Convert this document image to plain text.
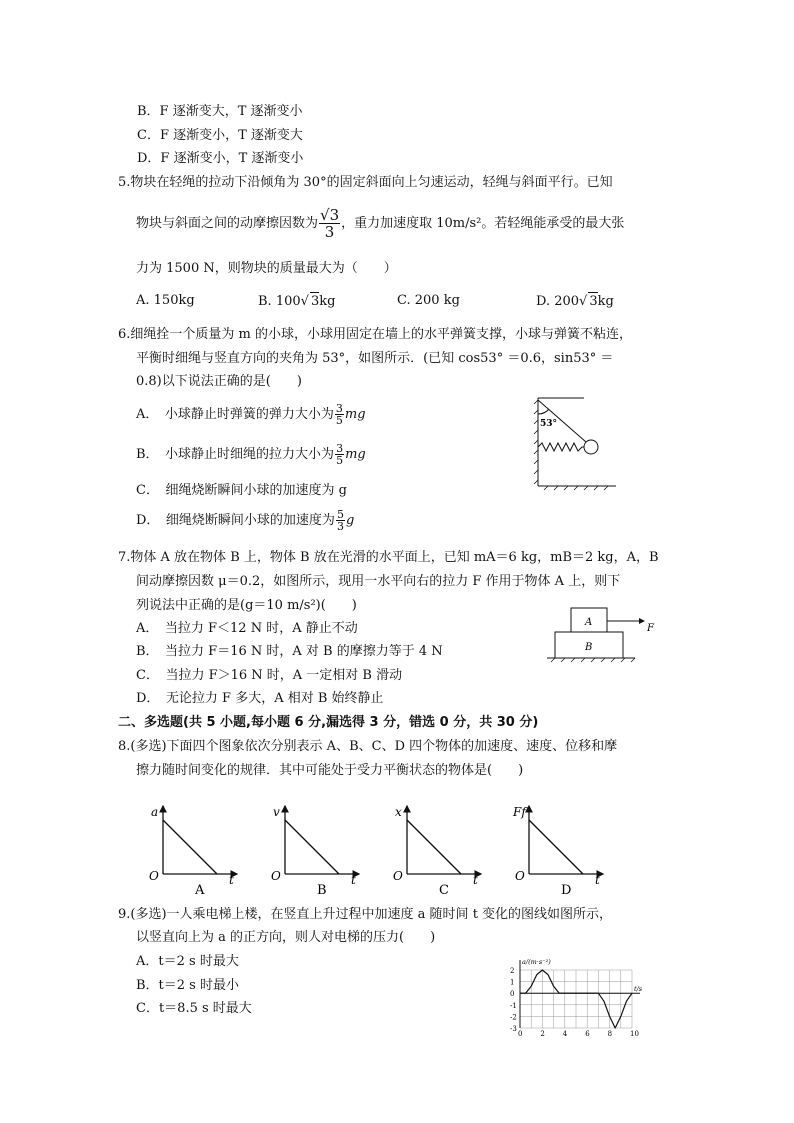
B．F 逐渐变大，T 逐渐变小
C．F 逐渐变小，T 逐渐变大
D．F 逐渐变小，T 逐渐变小
5.物块在轻绳的拉动下沿倾角为 30°的固定斜面向上匀速运动，轻绳与斜面平行。已知
物块与斜面之间的动摩擦因数为 $\frac{√3}{3}$ ，重力加速度取 10m/s²。若轻绳能承受的最大张
力为 1500 N，则物块的质量最大为（　　）
A. 150kg	B. 100√ 3kg	C. 200 kg	D. 200√ 3kg
6.细绳拴一个质量为 m 的小球，小球用固定在墙上的水平弹簧支撑，小球与弹簧不粘连，
平衡时细绳与竖直方向的夹角为 53°，如图所示．(已知 cos53° ＝0.6，sin53° ＝
0.8)以下说法正确的是(　　)
A．　小球静止时弹簧的弹力大小为 $\frac{3}{5}$ mg
B．　小球静止时细绳的拉力大小为 $\frac{3}{5}$ mg
C．　细绳烧断瞬间小球的加速度为 g
D．　细绳烧断瞬间小球的加速度为 $\frac{5}{3}$ g
53°
7.物体 A 放在物体 B 上，物体 B 放在光滑的水平面上，已知 mA＝6 kg，mB＝2 kg，A，B
间动摩擦因数 μ＝0.2，如图所示，现用一水平向右的拉力 F 作用于物体 A 上，则下
列说法中正确的是(g＝10 m/s²)(　　)
A．　当拉力 F＜12 N 时，A 静止不动
B．　当拉力 F＝16 N 时，A 对 B 的摩擦力等于 4 N
C．　当拉力 F＞16 N 时，A 一定相对 B 滑动
D．　无论拉力 F 多大，A 相对 B 始终静止
A
B
F
二、多选题(共 5 小题,每小题 6 分,漏选得 3 分，错选 0 分，共 30 分)
8.(多选)下面四个图象依次分别表示 A、B、C、D 四个物体的加速度、速度、位移和摩
擦力随时间变化的规律．其中可能处于受力平衡状态的物体是(　　)
a
O	t
A
v
O	t
B
x
O	t
C
Ff
O	t
D
9.(多选)一人乘电梯上楼，在竖直上升过程中加速度 a 随时间 t 变化的图线如图所示，
以竖直向上为 a 的正方向，则人对电梯的压力(　　)
A．t＝2 s 时最大
B．t＝2 s 时最小
C．t＝8.5 s 时最大
0	2	4	6	8	10
2
1
0
-1
-2
-3
a/(m·s⁻²)
t/s
